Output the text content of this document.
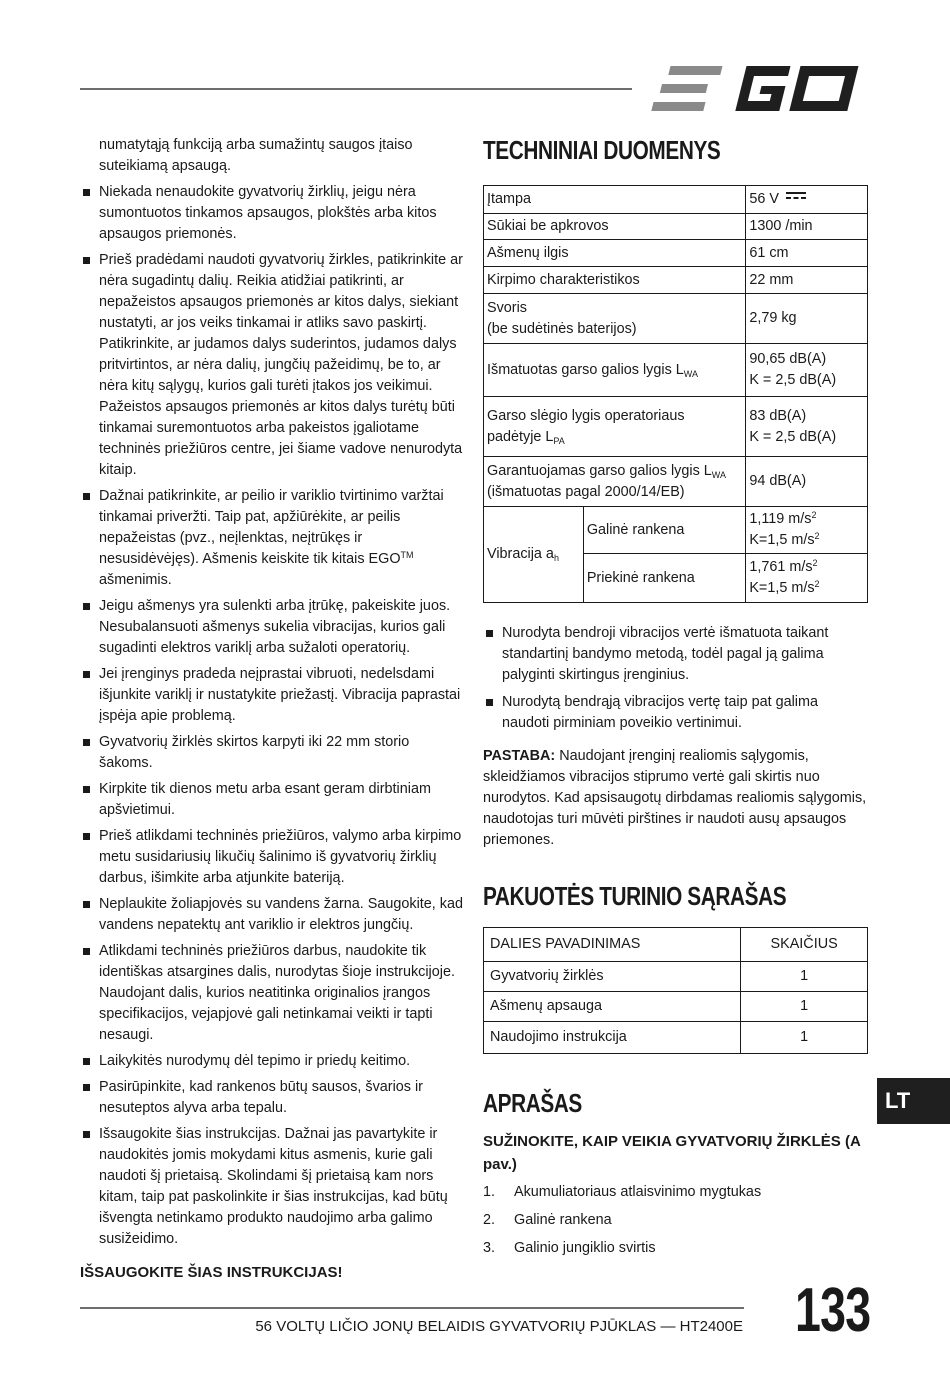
numatytąją funkciją arba sumažintų saugos įtaiso suteikiamą apsaugą.

Niekada nenaudokite gyvatvorių žirklių, jeigu nėra sumontuotos tinkamos apsaugos, plokštės arba kitos apsaugos priemonės.
Prieš pradėdami naudoti gyvatvorių žirkles, patikrinkite ar nėra sugadintų dalių. Reikia atidžiai patikrinti, ar nepažeistos apsaugos priemonės ar kitos dalys, siekiant nustatyti, ar jos veiks tinkamai ir atliks savo paskirtį. Patikrinkite, ar judamos dalys suderintos, judamos dalys pritvirtintos, ar nėra dalių, jungčių pažeidimų, be to, ar nėra kitų sąlygų, kurios gali turėti įtakos jos veikimui. Pažeistos apsaugos priemonės ar kitos dalys turėtų būti tinkamai suremontuotos arba pakeistos įgaliotame techninės priežiūros centre, jei šiame vadove nenurodyta kitaip.
Dažnai patikrinkite, ar peilio ir variklio tvirtinimo varžtai tinkamai priveržti. Taip pat, apžiūrėkite, ar peilis nepažeistas (pvz., neįlenktas, neįtrūkęs ir nesusidėvėjęs). Ašmenis keiskite tik kitais EGO™ ašmenimis.
Jeigu ašmenys yra sulenkti arba įtrūkę, pakeiskite juos. Nesubalansuoti ašmenys sukelia vibracijas, kurios gali sugadinti elektros variklį arba sužaloti operatorių.
Jei įrenginys pradeda neįprastai vibruoti, nedelsdami išjunkite variklį ir nustatykite priežastį. Vibracija paprastai įspėja apie problemą.
Gyvatvorių žirklės skirtos karpyti iki 22 mm storio šakoms.
Kirpkite tik dienos metu arba esant geram dirbtiniam apšvietimui.
Prieš atlikdami techninės priežiūros, valymo arba kirpimo metu susidariusių likučių šalinimo iš gyvatvorių žirklių darbus, išimkite arba atjunkite bateriją.
Neplaukite žoliapjovės su vandens žarna. Saugokite, kad vandens nepatektų ant variklio ir elektros jungčių.
Atlikdami techninės priežiūros darbus, naudokite tik identiškas atsargines dalis, nurodytas šioje instrukcijoje. Naudojant dalis, kurios neatitinka originalios įrangos specifikacijos, vejapjovė gali netinkamai veikti ir tapti nesaugi.
Laikykitės nurodymų dėl tepimo ir priedų keitimo.
Pasirūpinkite, kad rankenos būtų sausos, švarios ir nesuteptos alyva arba tepalu.
Išsaugokite šias instrukcijas. Dažnai jas pavartykite ir naudokitės jomis mokydami kitus asmenis, kurie gali naudoti šį prietaisą. Skolindami šį prietaisą kam nors kitam, taip pat paskolinkite ir šias instrukcijas, kad būtų išvengta netinkamo produkto naudojimo arba galimo susižeidimo.

IŠSAUGOKITE ŠIAS INSTRUKCIJAS!

TECHNINIAI DUOMENYS
Įtampa		56 V
Sūkiai be apkrovos		1300 /min
Ašmenų ilgis		61 cm
Kirpimo charakteristikos		22 mm
Svoris
(be sudėtinės baterijos)		2,79 kg
Išmatuotas garso galios lygis $L_{WA}$		90,65 dB(A)
K = 2,5 dB(A)
Garso slėgio lygis operatoriaus
padėtyje $L_{PA}$		83 dB(A)
K = 2,5 dB(A)
Garantuojamas garso galios lygis $L_{WA}$
(išmatuotas pagal 2000/14/EB)		94 dB(A)
Vibracija $a_h$	Galinė rankena	1,119 $m/s^2$
K=1,5 $m/s^2$
	Priekinė rankena	1,761 $m/s^2$
K=1,5 $m/s^2$
Nurodyta bendroji vibracijos vertė išmatuota taikant standartinį bandymo metodą, todėl pagal ją galima palyginti skirtingus įrenginius.
Nurodytą bendrąją vibracijos vertę taip pat galima naudoti pirminiam poveikio vertinimui.

PASTABA: Naudojant įrenginį realiomis sąlygomis, skleidžiamos vibracijos stiprumo vertė gali skirtis nuo nurodytos. Kad apsisaugotų dirbdamas realiomis sąlygomis, naudotojas turi mūvėti pirštines ir naudoti ausų apsaugos priemones.

PAKUOTĖS TURINIO SĄRAŠAS
DALIES PAVADINIMAS	SKAIČIUS
Gyvatvorių žirklės	1
Ašmenų apsauga	1
Naudojimo instrukcija	1
APRAŠAS

SUŽINOKITE, KAIP VEIKIA GYVATVORIŲ ŽIRKLĖS (A pav.)

1.	Akumuliatoriaus atlaisvinimo mygtukas
2.	Galinė rankena
3.	Galinio jungiklio svirtis
LT
56 VOLTŲ LIČIO JONŲ BELAIDIS GYVATVORIŲ PJŪKLAS — HT2400E 133
